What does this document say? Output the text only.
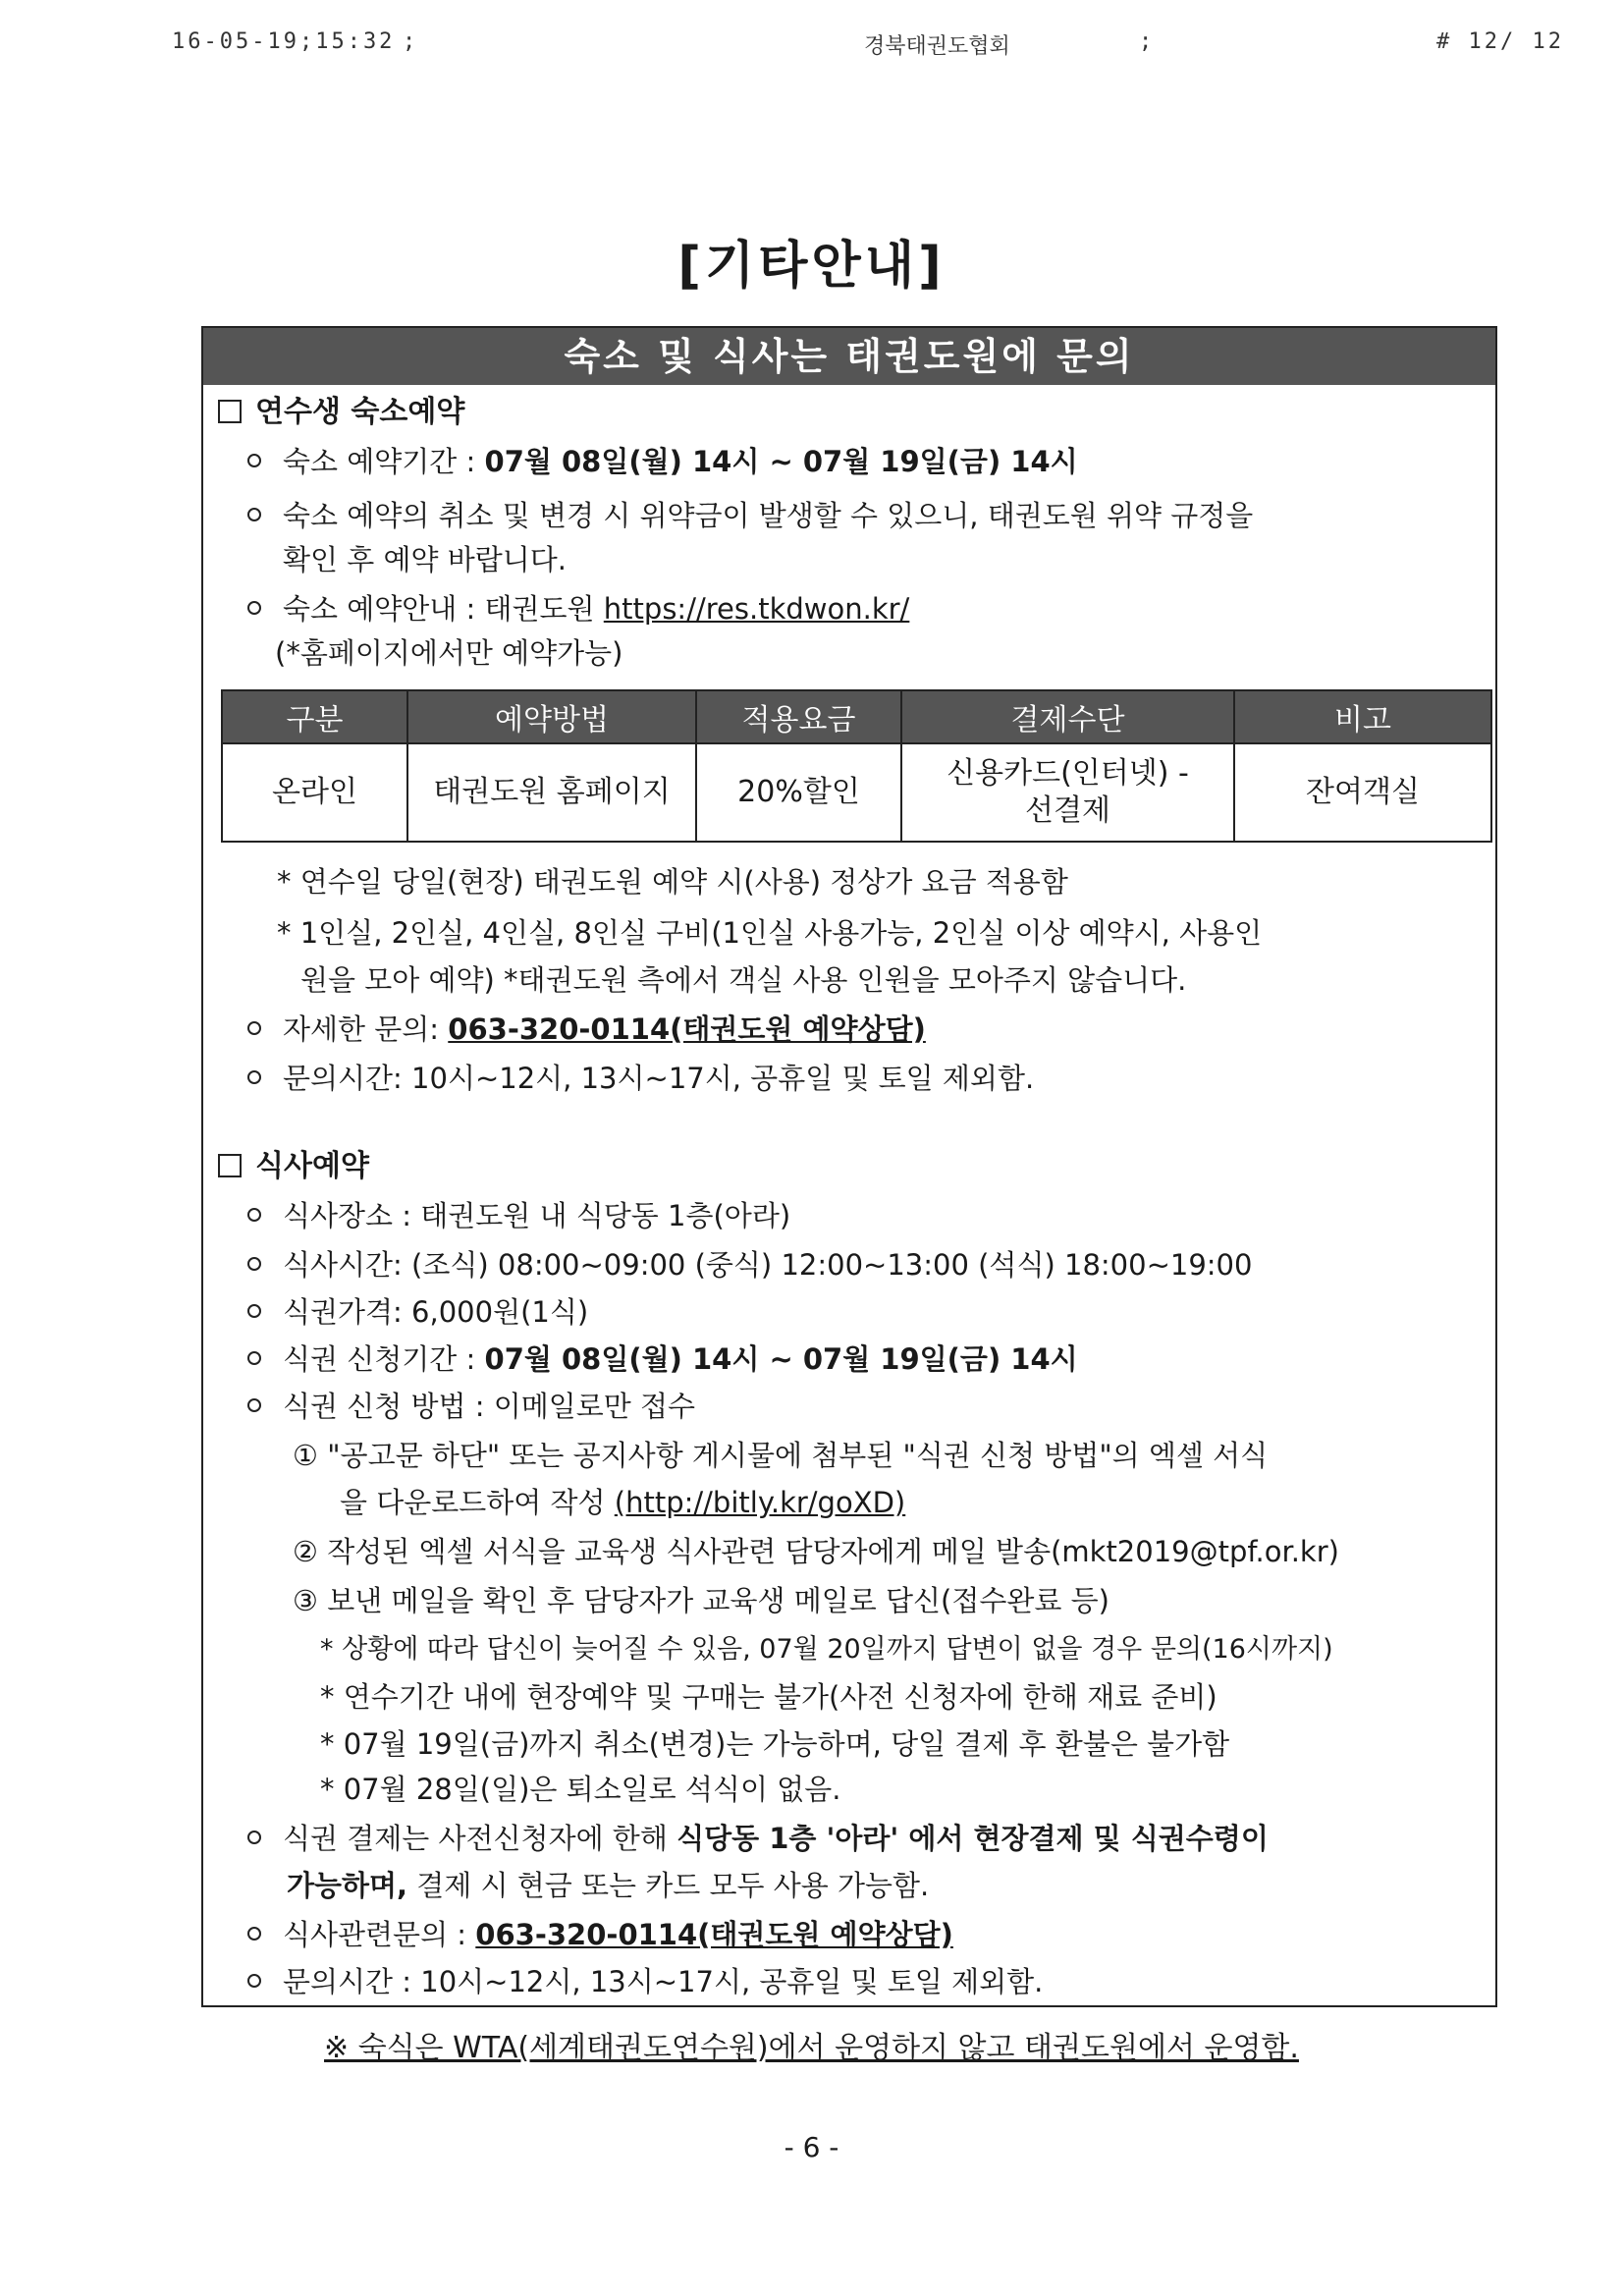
16-05-19;15:32 ;	경북태권도협회	;	# 12/ 12
[기타안내]
숙소 및 식사는 태권도원에 문의
연수생 숙소예약
숙소 예약기간 : 07월 08일(월) 14시 ~ 07월 19일(금) 14시
숙소 예약의 취소 및 변경 시 위약금이 발생할 수 있으니, 태권도원 위약 규정을
확인 후 예약 바랍니다.
숙소 예약안내 : 태권도원 https://res.tkdwon.kr/
(*홈페이지에서만 예약가능)
구분	예약방법	적용요금	결제수단	비고
온라인	태권도원 홈페이지	20%할인	신용카드(인터넷) -
선결제	잔여객실
* 연수일 당일(현장) 태권도원 예약 시(사용) 정상가 요금 적용함
* 1인실, 2인실, 4인실, 8인실 구비(1인실 사용가능, 2인실 이상 예약시, 사용인
원을 모아 예약) *태권도원 측에서 객실 사용 인원을 모아주지 않습니다.
자세한 문의: 063-320-0114(태권도원 예약상담)
문의시간: 10시~12시, 13시~17시, 공휴일 및 토일 제외함.
식사예약
식사장소 : 태권도원 내 식당동 1층(아라)
식사시간: (조식) 08:00~09:00 (중식) 12:00~13:00 (석식) 18:00~19:00
식권가격: 6,000원(1식)
식권 신청기간 : 07월 08일(월) 14시 ~ 07월 19일(금) 14시
식권 신청 방법 : 이메일로만 접수
① "공고문 하단" 또는 공지사항 게시물에 첨부된 "식권 신청 방법"의 엑셀 서식
을 다운로드하여 작성 (http://bitly.kr/goXD)
② 작성된 엑셀 서식을 교육생 식사관련 담당자에게 메일 발송(mkt2019@tpf.or.kr)
③ 보낸 메일을 확인 후 담당자가 교육생 메일로 답신(접수완료 등)
* 상황에 따라 답신이 늦어질 수 있음, 07월 20일까지 답변이 없을 경우 문의(16시까지)
* 연수기간 내에 현장예약 및 구매는 불가(사전 신청자에 한해 재료 준비)
* 07월 19일(금)까지 취소(변경)는 가능하며, 당일 결제 후 환불은 불가함
* 07월 28일(일)은 퇴소일로 석식이 없음.
식권 결제는 사전신청자에 한해 식당동 1층 '아라' 에서 현장결제 및 식권수령이
가능하며, 결제 시 현금 또는 카드 모두 사용 가능함.
식사관련문의 : 063-320-0114(태권도원 예약상담)
문의시간 : 10시~12시, 13시~17시, 공휴일 및 토일 제외함.
※ 숙식은 WTA(세계태권도연수원)에서 운영하지 않고 태권도원에서 운영함.
- 6 -
